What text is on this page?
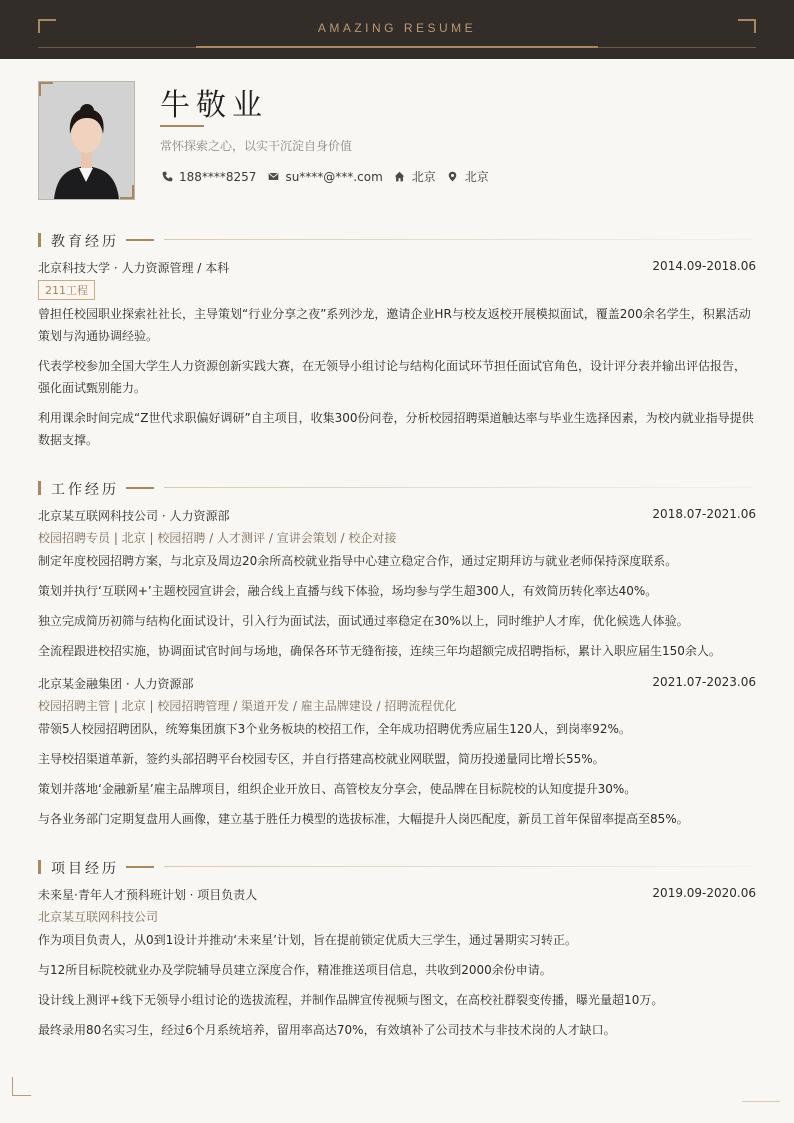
AMAZING RESUME
牛敬业
常怀探索之心，以实干沉淀自身价值
188****8257 su****@***.com 北京 北京
教育经历
北京科技大学 · 人力资源管理 / 本科	2014.09-2018.06
211工程
曾担任校园职业探索社社长，主导策划“行业分享之夜”系列沙龙，邀请企业HR与校友返校开展模拟面试，覆盖200余名学生，积累活动策划与沟通协调经验。
代表学校参加全国大学生人力资源创新实践大赛，在无领导小组讨论与结构化面试环节担任面试官角色，设计评分表并输出评估报告，强化面试甄别能力。
利用课余时间完成“Z世代求职偏好调研”自主项目，收集300份问卷，分析校园招聘渠道触达率与毕业生选择因素，为校内就业指导提供数据支撑。
工作经历
北京某互联网科技公司 · 人力资源部	2018.07-2021.06
校园招聘专员 | 北京 | 校园招聘 / 人才测评 / 宣讲会策划 / 校企对接
制定年度校园招聘方案，与北京及周边20余所高校就业指导中心建立稳定合作，通过定期拜访与就业老师保持深度联系。
策划并执行‘互联网+’主题校园宣讲会，融合线上直播与线下体验，场均参与学生超300人，有效简历转化率达40%。
独立完成简历初筛与结构化面试设计，引入行为面试法，面试通过率稳定在30%以上，同时维护人才库，优化候选人体验。
全流程跟进校招实施，协调面试官时间与场地，确保各环节无缝衔接，连续三年均超额完成招聘指标，累计入职应届生150余人。
北京某金融集团 · 人力资源部	2021.07-2023.06
校园招聘主管 | 北京 | 校园招聘管理 / 渠道开发 / 雇主品牌建设 / 招聘流程优化
带领5人校园招聘团队，统筹集团旗下3个业务板块的校招工作，全年成功招聘优秀应届生120人，到岗率92%。
主导校招渠道革新，签约头部招聘平台校园专区，并自行搭建高校就业网联盟，简历投递量同比增长55%。
策划并落地‘金融新星’雇主品牌项目，组织企业开放日、高管校友分享会，使品牌在目标院校的认知度提升30%。
与各业务部门定期复盘用人画像，建立基于胜任力模型的选拔标准，大幅提升人岗匹配度，新员工首年保留率提高至85%。
项目经历
未来星·青年人才预科班计划 · 项目负责人	2019.09-2020.06
北京某互联网科技公司
作为项目负责人，从0到1设计并推动‘未来星’计划，旨在提前锁定优质大三学生，通过暑期实习转正。
与12所目标院校就业办及学院辅导员建立深度合作，精准推送项目信息，共收到2000余份申请。
设计线上测评+线下无领导小组讨论的选拔流程，并制作品牌宣传视频与图文，在高校社群裂变传播，曝光量超10万。
最终录用80名实习生，经过6个月系统培养，留用率高达70%，有效填补了公司技术与非技术岗的人才缺口。
